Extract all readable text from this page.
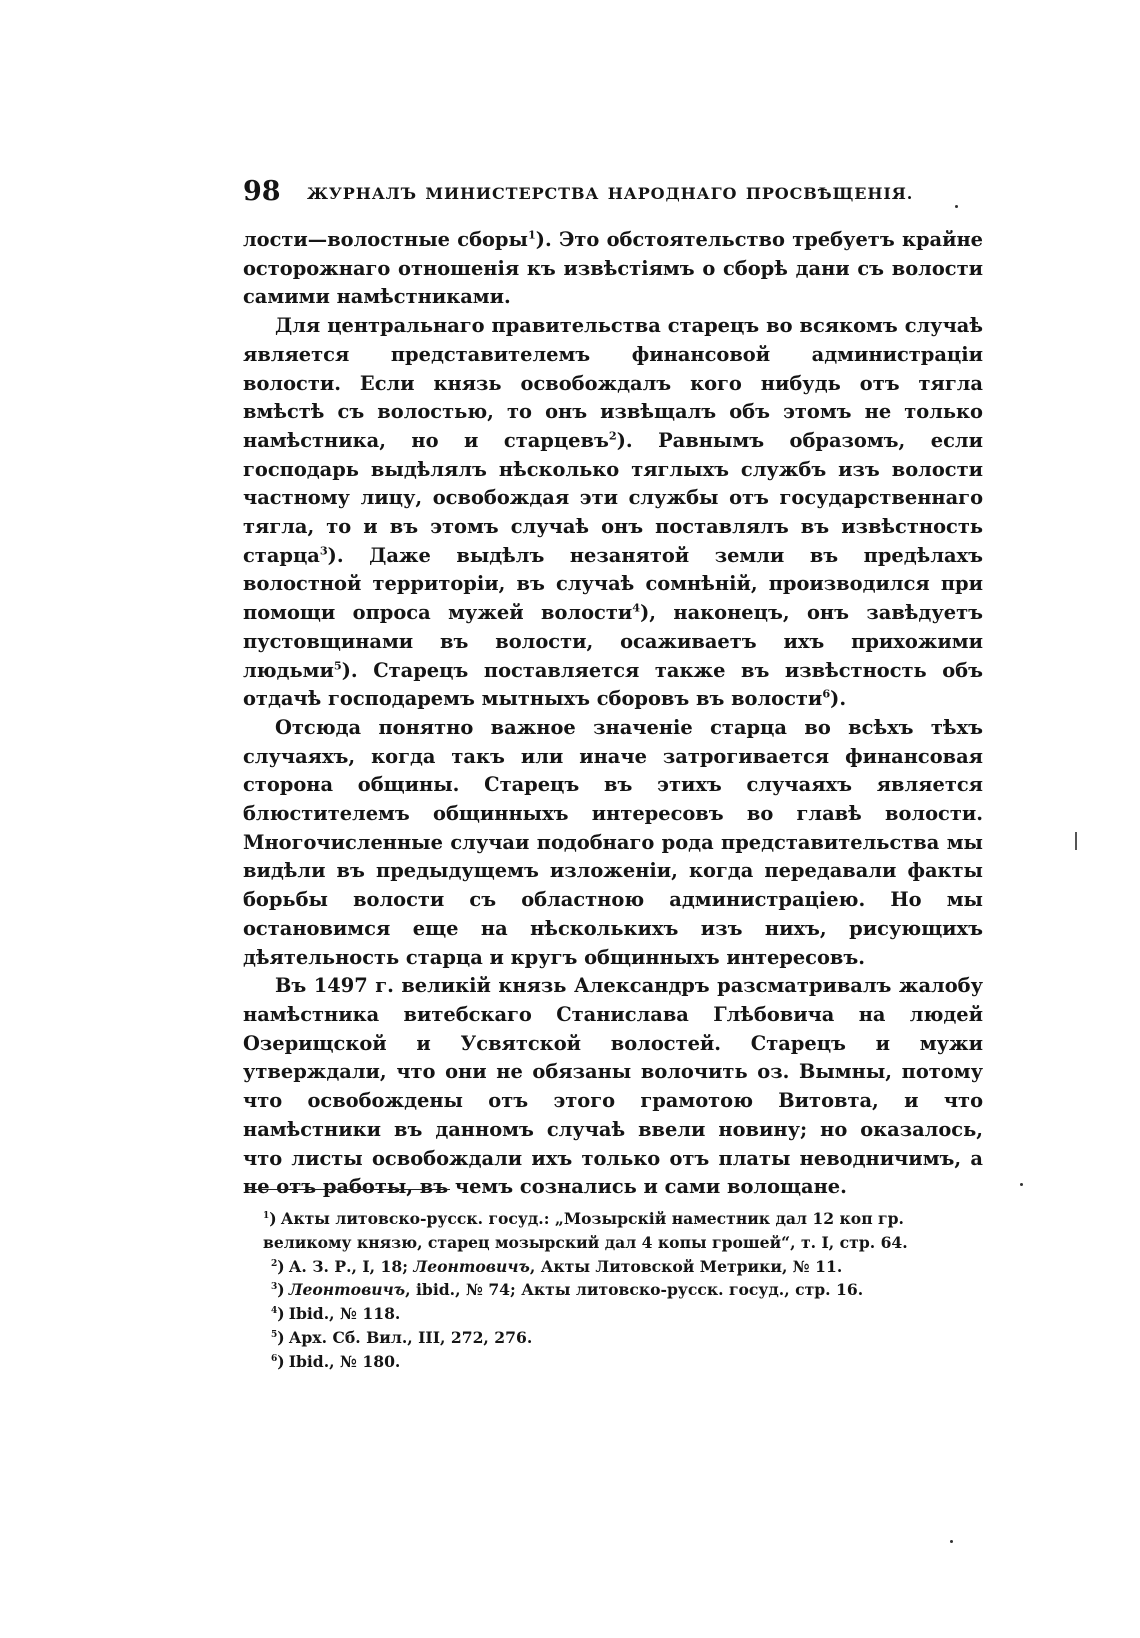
98 ЖУРНАЛЪ МИНИСТЕРСТВА НАРОДНАГО ПРОСВѢЩЕНІЯ.

лости—волостные сборы$^1$). Это обстоятельство требуетъ крайне осторожнаго отношенія къ извѣстіямъ о сборѣ дани съ волости самими намѣстниками.

Для центральнаго правительства старецъ во всякомъ случаѣ является представителемъ финансовой администраціи волости. Если князь освобождалъ кого нибудь отъ тягла вмѣстѣ съ волостью, то онъ извѣщалъ объ этомъ не только намѣстника, но и старцевъ$^2$). Равнымъ образомъ, если господарь выдѣлялъ нѣсколько тяглыхъ службъ изъ волости частному лицу, освобождая эти службы отъ государственнаго тягла, то и въ этомъ случаѣ онъ поставлялъ въ извѣстность старца$^3$). Даже выдѣлъ незанятой земли въ предѣлахъ волостной территоріи, въ случаѣ сомнѣній, производился при помощи опроса мужей волости$^4$), наконецъ, онъ завѣдуетъ пустовщинами въ волости, осаживаетъ ихъ прихожими людьми$^5$). Старецъ поставляется также въ извѣстность объ отдачѣ господаремъ мытныхъ сборовъ въ волости$^6$).

Отсюда понятно важное значеніе старца во всѣхъ тѣхъ случаяхъ, когда такъ или иначе затрогивается финансовая сторона общины. Старецъ въ этихъ случаяхъ является блюстителемъ общинныхъ интересовъ во главѣ волости. Многочисленные случаи подобнаго рода представительства мы видѣли въ предыдущемъ изложеніи, когда передавали факты борьбы волости съ областною администраціею. Но мы остановимся еще на нѣсколькихъ изъ нихъ, рисующихъ дѣятельность старца и кругъ общинныхъ интересовъ.

Въ 1497 г. великій князь Александръ разсматривалъ жалобу намѣстника витебскаго Станислава Глѣбовича на людей Озерищской и Усвятской волостей. Старецъ и мужи утверждали, что они не обязаны волочить оз. Вымны, потому что освобождены отъ этого грамотою Витовта, и что намѣстники въ данномъ случаѣ ввели новину; но оказалось, что листы освобождали ихъ только отъ платы неводничимъ, а не отъ работы, въ чемъ сознались и сами волощане.

$^1$) Акты литовско-русск. госуд.: „Мозырскій наместник дал 12 коп гр. великому князю, старец мозырский дал 4 копы грошей“, т. I, стр. 64.
$^2$) А. З. Р., I, 18; Леонтовичъ, Акты Литовской Метрики, № 11.
$^3$) Леонтовичъ, ibid., № 74; Акты литовско-русск. госуд., стр. 16.
$^4$) Ibid., № 118.
$^5$) Арх. Сб. Вил., III, 272, 276.
$^6$) Ibid., № 180.
